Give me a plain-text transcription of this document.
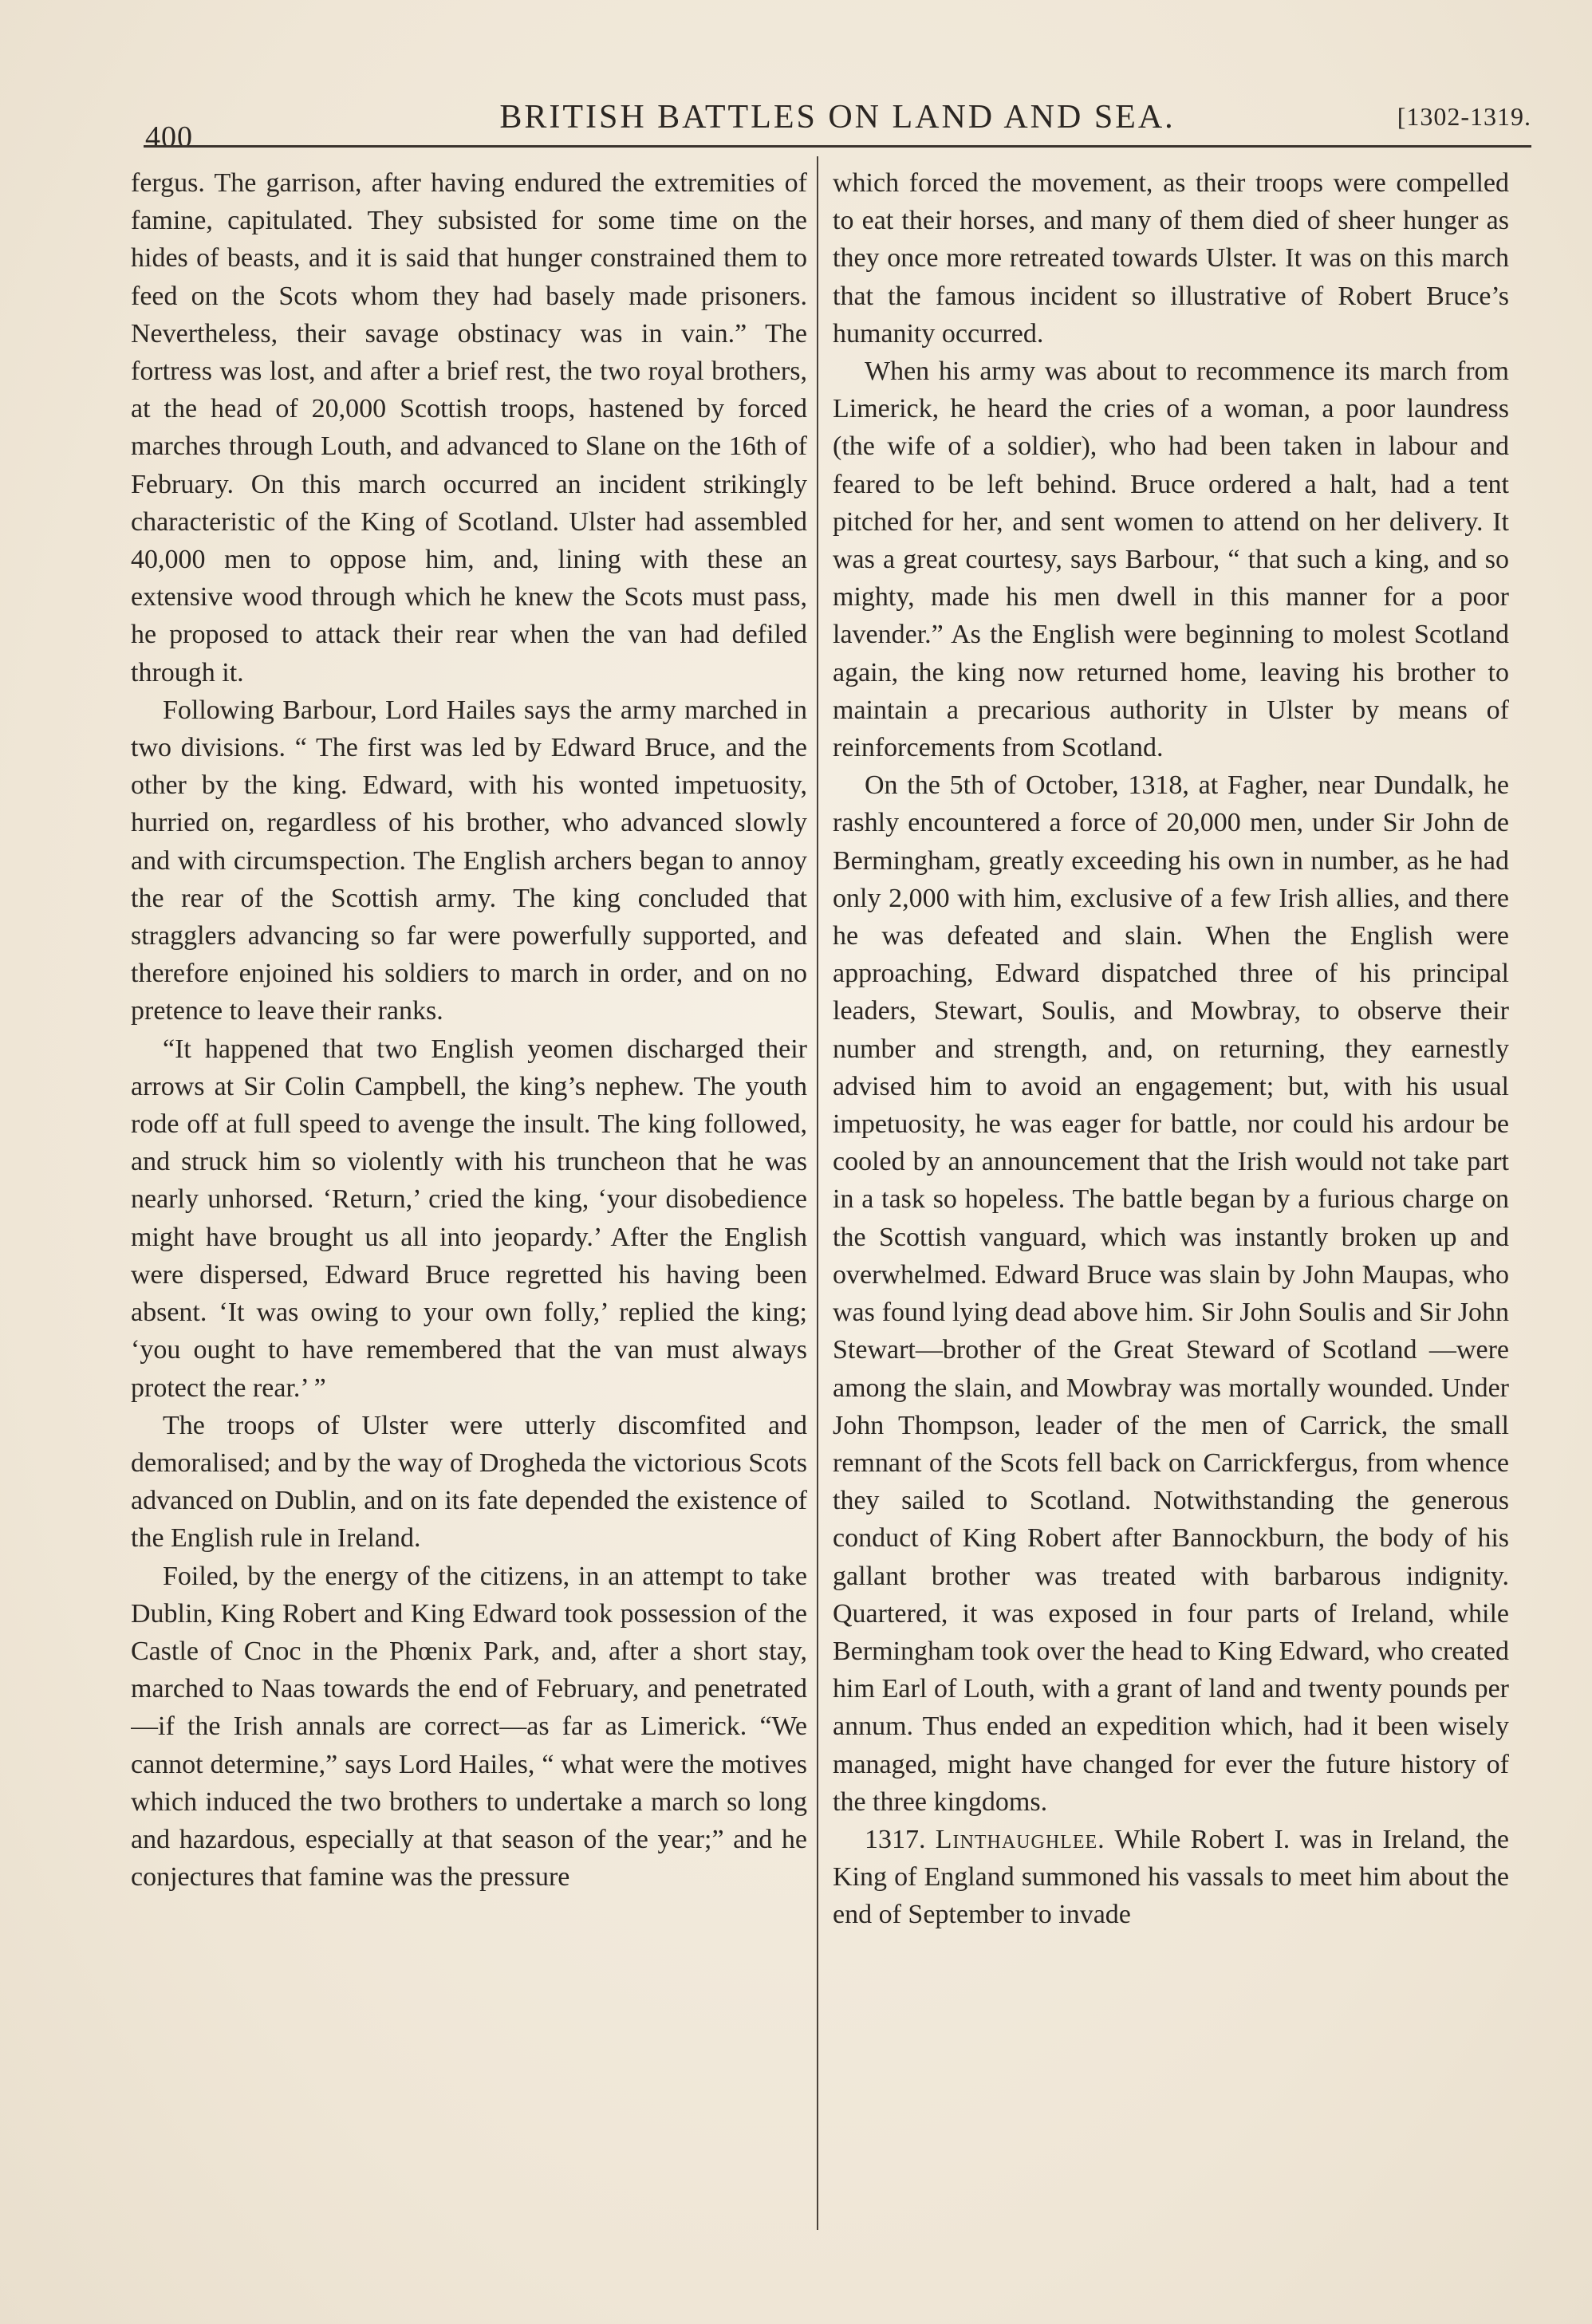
400
BRITISH BATTLES ON LAND AND SEA.	[1302-1319.

fergus. The garrison, after having endured the extremities of famine, capitulated. They subsisted for some time on the hides of beasts, and it is said that hunger constrained them to feed on the Scots whom they had basely made prisoners. Nevertheless, their savage obstinacy was in vain.” The fortress was lost, and after a brief rest, the two royal brothers, at the head of 20,000 Scottish troops, hastened by forced marches through Louth, and advanced to Slane on the 16th of February. On this march occurred an incident strikingly characteristic of the King of Scotland. Ulster had assembled 40,000 men to oppose him, and, lining with these an extensive wood through which he knew the Scots must pass, he proposed to attack their rear when the van had defiled through it.

Following Barbour, Lord Hailes says the army marched in two divisions. “ The first was led by Edward Bruce, and the other by the king. Edward, with his wonted impetuosity, hurried on, regardless of his brother, who advanced slowly and with circumspection. The English archers began to annoy the rear of the Scottish army. The king concluded that stragglers advancing so far were powerfully supported, and therefore enjoined his soldiers to march in order, and on no pretence to leave their ranks.

“It happened that two English yeomen discharged their arrows at Sir Colin Campbell, the king’s nephew. The youth rode off at full speed to avenge the insult. The king followed, and struck him so violently with his truncheon that he was nearly unhorsed. ‘Return,’ cried the king, ‘your disobedience might have brought us all into jeopardy.’ After the English were dispersed, Edward Bruce regretted his having been absent. ‘It was owing to your own folly,’ replied the king; ‘you ought to have remembered that the van must always protect the rear.’ ”

The troops of Ulster were utterly discomfited and demoralised; and by the way of Drogheda the victorious Scots advanced on Dublin, and on its fate depended the existence of the English rule in Ireland.

Foiled, by the energy of the citizens, in an attempt to take Dublin, King Robert and King Edward took possession of the Castle of Cnoc in the Phœnix Park, and, after a short stay, marched to Naas towards the end of February, and penetrated—if the Irish annals are correct—as far as Limerick. “We cannot determine,” says Lord Hailes, “ what were the motives which induced the two brothers to undertake a march so long and hazardous, especially at that season of the year;” and he conjectures that famine was the pressure

which forced the movement, as their troops were compelled to eat their horses, and many of them died of sheer hunger as they once more retreated towards Ulster. It was on this march that the famous incident so illustrative of Robert Bruce’s humanity occurred.

When his army was about to recommence its march from Limerick, he heard the cries of a woman, a poor laundress (the wife of a soldier), who had been taken in labour and feared to be left behind. Bruce ordered a halt, had a tent pitched for her, and sent women to attend on her delivery. It was a great courtesy, says Barbour, “ that such a king, and so mighty, made his men dwell in this manner for a poor lavender.” As the English were beginning to molest Scotland again, the king now returned home, leaving his brother to maintain a precarious authority in Ulster by means of reinforcements from Scotland.

On the 5th of October, 1318, at Fagher, near Dundalk, he rashly encountered a force of 20,000 men, under Sir John de Bermingham, greatly exceeding his own in number, as he had only 2,000 with him, exclusive of a few Irish allies, and there he was defeated and slain. When the English were approaching, Edward dispatched three of his principal leaders, Stewart, Soulis, and Mowbray, to observe their number and strength, and, on returning, they earnestly advised him to avoid an engagement; but, with his usual impetuosity, he was eager for battle, nor could his ardour be cooled by an announcement that the Irish would not take part in a task so hopeless. The battle began by a furious charge on the Scottish vanguard, which was instantly broken up and overwhelmed. Edward Bruce was slain by John Maupas, who was found lying dead above him. Sir John Soulis and Sir John Stewart—brother of the Great Steward of Scotland —were among the slain, and Mowbray was mortally wounded. Under John Thompson, leader of the men of Carrick, the small remnant of the Scots fell back on Carrickfergus, from whence they sailed to Scotland. Notwithstanding the generous conduct of King Robert after Bannockburn, the body of his gallant brother was treated with barbarous indignity. Quartered, it was exposed in four parts of Ireland, while Bermingham took over the head to King Edward, who created him Earl of Louth, with a grant of land and twenty pounds per annum. Thus ended an expedition which, had it been wisely managed, might have changed for ever the future history of the three kingdoms.

1317. Linthaughlee. While Robert I. was in Ireland, the King of England summoned his vassals to meet him about the end of September to invade
